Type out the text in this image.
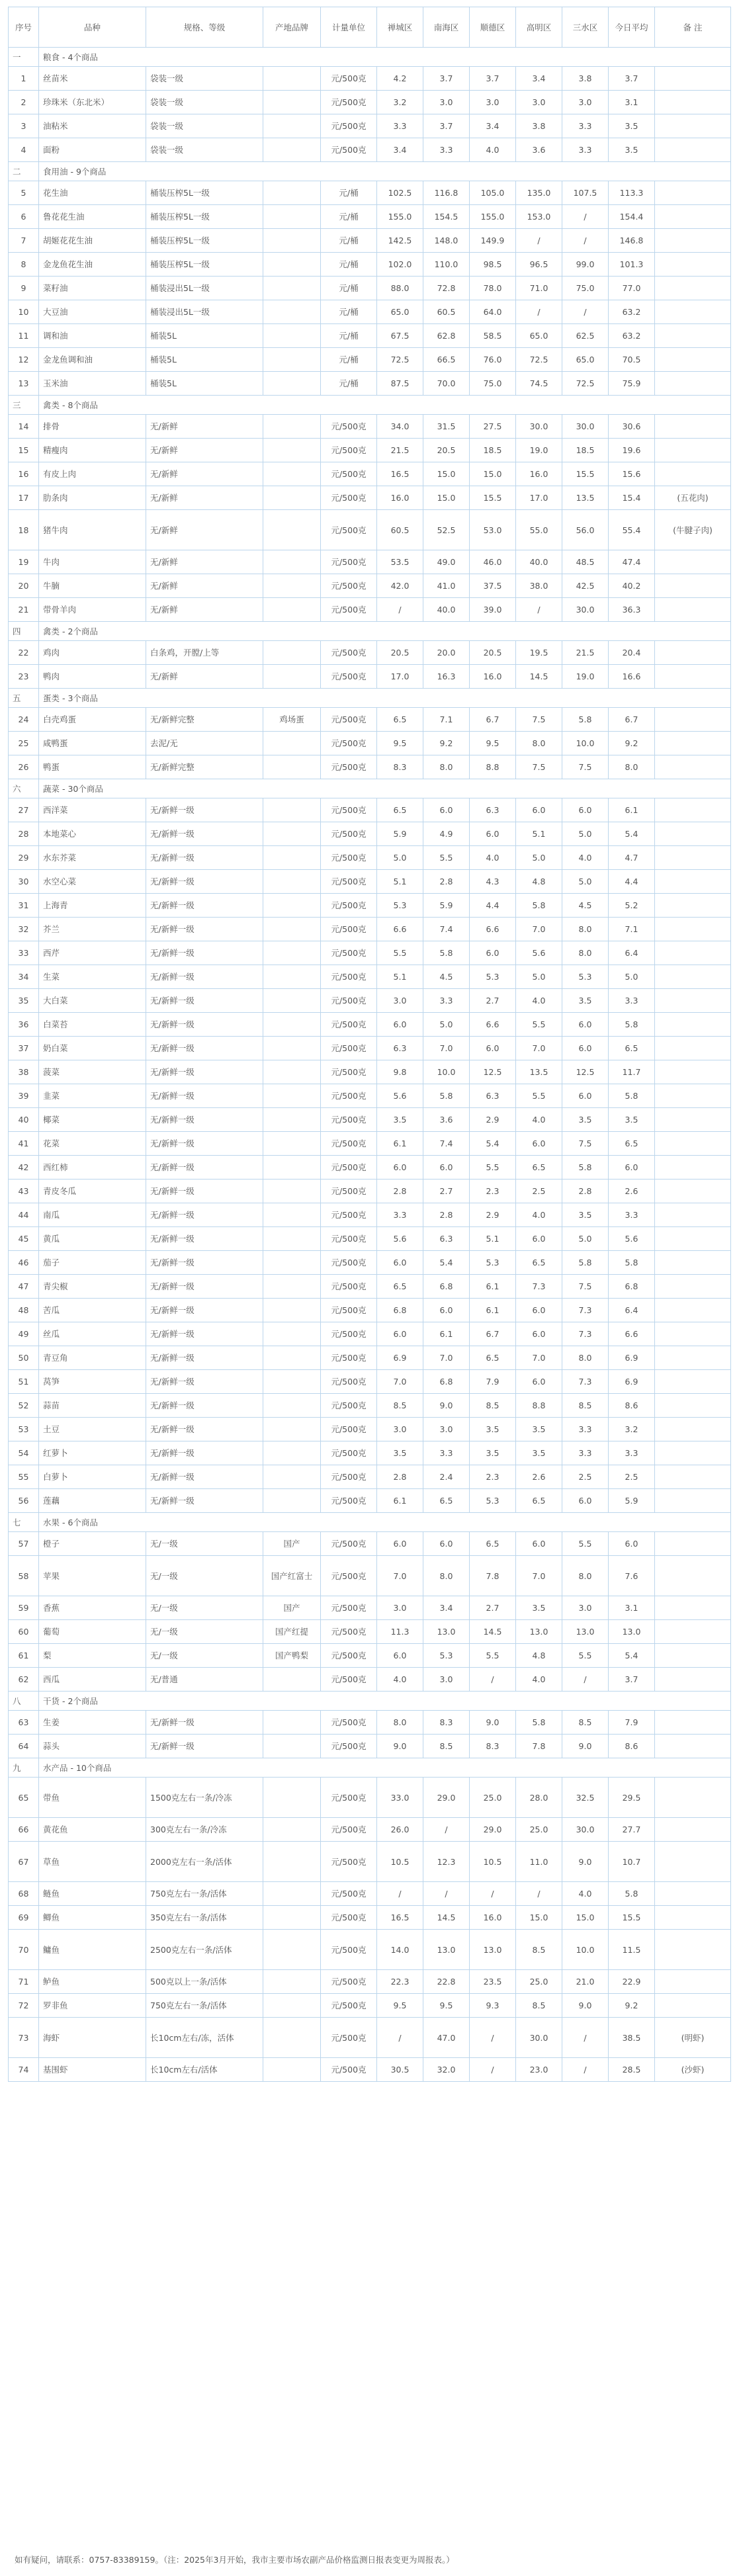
序号	品种	规格、等级	产地品牌	计量单位	禅城区	南海区	顺德区	高明区	三水区	今日平均	备 注
一	粮食 - 4个商品										
1	丝苗米	袋装一级		元/500克	4.2	3.7	3.7	3.4	3.8	3.7	
2	珍珠米（东北米）	袋装一级		元/500克	3.2	3.0	3.0	3.0	3.0	3.1	
3	油粘米	袋装一级		元/500克	3.3	3.7	3.4	3.8	3.3	3.5	
4	面粉	袋装一级		元/500克	3.4	3.3	4.0	3.6	3.3	3.5	
二	食用油 - 9个商品										
5	花生油	桶装压榨5L一级		元/桶	102.5	116.8	105.0	135.0	107.5	113.3	
6	鲁花花生油	桶装压榨5L一级		元/桶	155.0	154.5	155.0	153.0	/	154.4	
7	胡姬花花生油	桶装压榨5L一级		元/桶	142.5	148.0	149.9	/	/	146.8	
8	金龙鱼花生油	桶装压榨5L一级		元/桶	102.0	110.0	98.5	96.5	99.0	101.3	
9	菜籽油	桶装浸出5L一级		元/桶	88.0	72.8	78.0	71.0	75.0	77.0	
10	大豆油	桶装浸出5L一级		元/桶	65.0	60.5	64.0	/	/	63.2	
11	调和油	桶装5L		元/桶	67.5	62.8	58.5	65.0	62.5	63.2	
12	金龙鱼调和油	桶装5L		元/桶	72.5	66.5	76.0	72.5	65.0	70.5	
13	玉米油	桶装5L		元/桶	87.5	70.0	75.0	74.5	72.5	75.9	
三	禽类 - 8个商品										
14	排骨	无/新鲜		元/500克	34.0	31.5	27.5	30.0	30.0	30.6	
15	精瘦肉	无/新鲜		元/500克	21.5	20.5	18.5	19.0	18.5	19.6	
16	有皮上肉	无/新鲜		元/500克	16.5	15.0	15.0	16.0	15.5	15.6	
17	肋条肉	无/新鲜		元/500克	16.0	15.0	15.5	17.0	13.5	15.4	(五花肉)
18	猪牛肉	无/新鲜		元/500克	60.5	52.5	53.0	55.0	56.0	55.4	(牛腱子肉)
19	牛肉	无/新鲜		元/500克	53.5	49.0	46.0	40.0	48.5	47.4	
20	牛腩	无/新鲜		元/500克	42.0	41.0	37.5	38.0	42.5	40.2	
21	带骨羊肉	无/新鲜		元/500克	/	40.0	39.0	/	30.0	36.3	
四	禽类 - 2个商品										
22	鸡肉	白条鸡，开膛/上等		元/500克	20.5	20.0	20.5	19.5	21.5	20.4	
23	鸭肉	无/新鲜		元/500克	17.0	16.3	16.0	14.5	19.0	16.6	
五	蛋类 - 3个商品										
24	白壳鸡蛋	无/新鲜完整	鸡场蛋	元/500克	6.5	7.1	6.7	7.5	5.8	6.7	
25	咸鸭蛋	去泥/无		元/500克	9.5	9.2	9.5	8.0	10.0	9.2	
26	鸭蛋	无/新鲜完整		元/500克	8.3	8.0	8.8	7.5	7.5	8.0	
六	蔬菜 - 30个商品										
27	西洋菜	无/新鲜一级		元/500克	6.5	6.0	6.3	6.0	6.0	6.1	
28	本地菜心	无/新鲜一级		元/500克	5.9	4.9	6.0	5.1	5.0	5.4	
29	水东芥菜	无/新鲜一级		元/500克	5.0	5.5	4.0	5.0	4.0	4.7	
30	水空心菜	无/新鲜一级		元/500克	5.1	2.8	4.3	4.8	5.0	4.4	
31	上海青	无/新鲜一级		元/500克	5.3	5.9	4.4	5.8	4.5	5.2	
32	芥兰	无/新鲜一级		元/500克	6.6	7.4	6.6	7.0	8.0	7.1	
33	西芹	无/新鲜一级		元/500克	5.5	5.8	6.0	5.6	8.0	6.4	
34	生菜	无/新鲜一级		元/500克	5.1	4.5	5.3	5.0	5.3	5.0	
35	大白菜	无/新鲜一级		元/500克	3.0	3.3	2.7	4.0	3.5	3.3	
36	白菜苔	无/新鲜一级		元/500克	6.0	5.0	6.6	5.5	6.0	5.8	
37	奶白菜	无/新鲜一级		元/500克	6.3	7.0	6.0	7.0	6.0	6.5	
38	菠菜	无/新鲜一级		元/500克	9.8	10.0	12.5	13.5	12.5	11.7	
39	韭菜	无/新鲜一级		元/500克	5.6	5.8	6.3	5.5	6.0	5.8	
40	椰菜	无/新鲜一级		元/500克	3.5	3.6	2.9	4.0	3.5	3.5	
41	花菜	无/新鲜一级		元/500克	6.1	7.4	5.4	6.0	7.5	6.5	
42	西红柿	无/新鲜一级		元/500克	6.0	6.0	5.5	6.5	5.8	6.0	
43	青皮冬瓜	无/新鲜一级		元/500克	2.8	2.7	2.3	2.5	2.8	2.6	
44	南瓜	无/新鲜一级		元/500克	3.3	2.8	2.9	4.0	3.5	3.3	
45	黄瓜	无/新鲜一级		元/500克	5.6	6.3	5.1	6.0	5.0	5.6	
46	茄子	无/新鲜一级		元/500克	6.0	5.4	5.3	6.5	5.8	5.8	
47	青尖椒	无/新鲜一级		元/500克	6.5	6.8	6.1	7.3	7.5	6.8	
48	苦瓜	无/新鲜一级		元/500克	6.8	6.0	6.1	6.0	7.3	6.4	
49	丝瓜	无/新鲜一级		元/500克	6.0	6.1	6.7	6.0	7.3	6.6	
50	青豆角	无/新鲜一级		元/500克	6.9	7.0	6.5	7.0	8.0	6.9	
51	莴笋	无/新鲜一级		元/500克	7.0	6.8	7.9	6.0	7.3	6.9	
52	蒜苗	无/新鲜一级		元/500克	8.5	9.0	8.5	8.8	8.5	8.6	
53	土豆	无/新鲜一级		元/500克	3.0	3.0	3.5	3.5	3.3	3.2	
54	红萝卜	无/新鲜一级		元/500克	3.5	3.3	3.5	3.5	3.3	3.3	
55	白萝卜	无/新鲜一级		元/500克	2.8	2.4	2.3	2.6	2.5	2.5	
56	莲藕	无/新鲜一级		元/500克	6.1	6.5	5.3	6.5	6.0	5.9	
七	水果 - 6个商品										
57	橙子	无/一级	国产	元/500克	6.0	6.0	6.5	6.0	5.5	6.0	
58	苹果	无/一级	国产红富士	元/500克	7.0	8.0	7.8	7.0	8.0	7.6	
59	香蕉	无/一级	国产	元/500克	3.0	3.4	2.7	3.5	3.0	3.1	
60	葡萄	无/一级	国产红提	元/500克	11.3	13.0	14.5	13.0	13.0	13.0	
61	梨	无/一级	国产鸭梨	元/500克	6.0	5.3	5.5	4.8	5.5	5.4	
62	西瓜	无/普通		元/500克	4.0	3.0	/	4.0	/	3.7	
八	干货 - 2个商品										
63	生姜	无/新鲜一级		元/500克	8.0	8.3	9.0	5.8	8.5	7.9	
64	蒜头	无/新鲜一级		元/500克	9.0	8.5	8.3	7.8	9.0	8.6	
九	水产品 - 10个商品										
65	带鱼	1500克左右一条/冷冻		元/500克	33.0	29.0	25.0	28.0	32.5	29.5	
66	黄花鱼	300克左右一条/冷冻		元/500克	26.0	/	29.0	25.0	30.0	27.7	
67	草鱼	2000克左右一条/活体		元/500克	10.5	12.3	10.5	11.0	9.0	10.7	
68	鲢鱼	750克左右一条/活体		元/500克	/	/	/	/	4.0	5.8	
69	鲫鱼	350克左右一条/活体		元/500克	16.5	14.5	16.0	15.0	15.0	15.5	
70	鳙鱼	2500克左右一条/活体		元/500克	14.0	13.0	13.0	8.5	10.0	11.5	
71	鲈鱼	500克以上一条/活体		元/500克	22.3	22.8	23.5	25.0	21.0	22.9	
72	罗非鱼	750克左右一条/活体		元/500克	9.5	9.5	9.3	8.5	9.0	9.2	
73	海虾	长10cm左右/冻，活体		元/500克	/	47.0	/	30.0	/	38.5	(明虾)
74	基围虾	长10cm左右/活体		元/500克	30.5	32.0	/	23.0	/	28.5	(沙虾)
如有疑问，请联系：0757-83389159。（注：2025年3月开始，我市主要市场农副产品价格监测日报表变更为周报表。）
